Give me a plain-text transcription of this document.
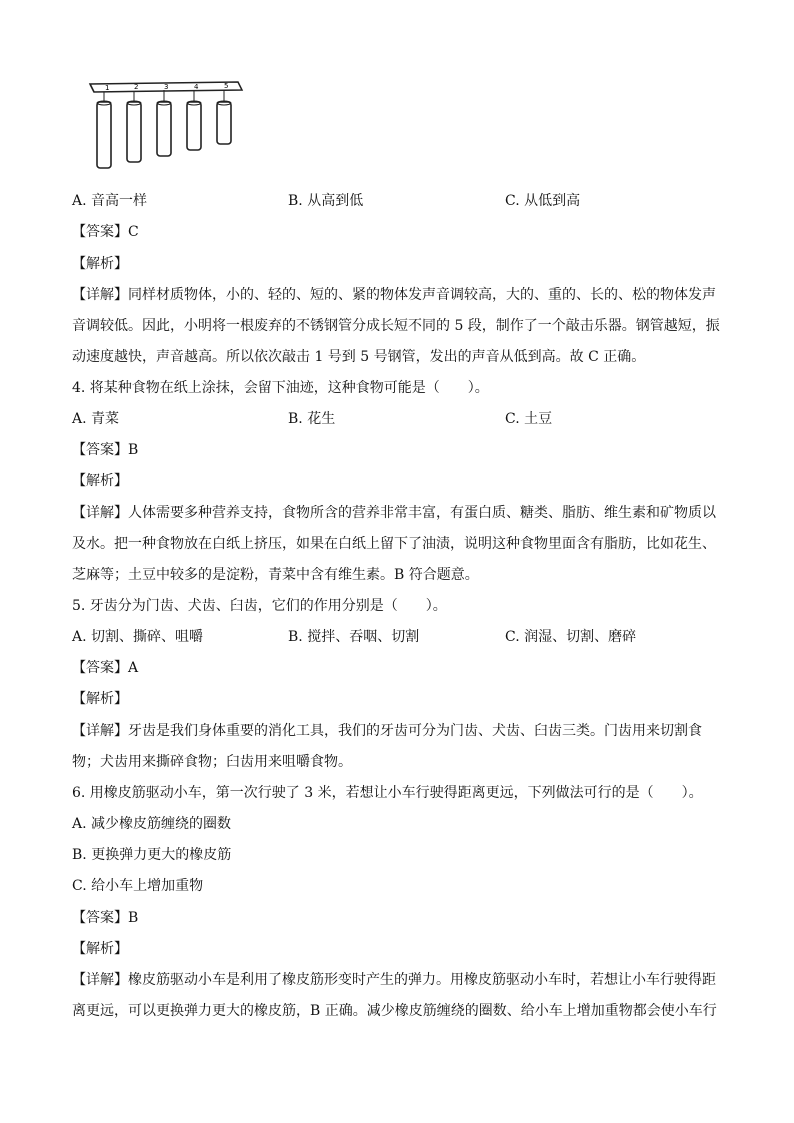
1	2	3	4	5
A. 音高一样	B. 从高到低	C. 从低到高
【答案】C
【解析】
【详解】同样材质物体，小的、轻的、短的、紧的物体发声音调较高，大的、重的、长的、松的物体发声
音调较低。因此，小明将一根废弃的不锈钢管分成长短不同的 5 段，制作了一个敲击乐器。钢管越短，振
动速度越快，声音越高。所以依次敲击 1 号到 5 号钢管，发出的声音从低到高。故 C 正确。
4. 将某种食物在纸上涂抹，会留下油迹，这种食物可能是（　　）。
A. 青菜	B. 花生	C. 土豆
【答案】B
【解析】
【详解】人体需要多种营养支持，食物所含的营养非常丰富，有蛋白质、糖类、脂肪、维生素和矿物质以
及水。把一种食物放在白纸上挤压，如果在白纸上留下了油渍，说明这种食物里面含有脂肪，比如花生、
芝麻等；土豆中较多的是淀粉，青菜中含有维生素。B 符合题意。
5. 牙齿分为门齿、犬齿、臼齿，它们的作用分别是（　　）。
A. 切割、撕碎、咀嚼	B. 搅拌、吞咽、切割	C. 润湿、切割、磨碎
【答案】A
【解析】
【详解】牙齿是我们身体重要的消化工具，我们的牙齿可分为门齿、犬齿、臼齿三类。门齿用来切割食
物；犬齿用来撕碎食物；臼齿用来咀嚼食物。
6. 用橡皮筋驱动小车，第一次行驶了 3 米，若想让小车行驶得距离更远，下列做法可行的是（　　）。
A. 减少橡皮筋缠绕的圈数
B. 更换弹力更大的橡皮筋
C. 给小车上增加重物
【答案】B
【解析】
【详解】橡皮筋驱动小车是利用了橡皮筋形变时产生的弹力。用橡皮筋驱动小车时，若想让小车行驶得距
离更远，可以更换弹力更大的橡皮筋，B 正确。减少橡皮筋缠绕的圈数、给小车上增加重物都会使小车行
